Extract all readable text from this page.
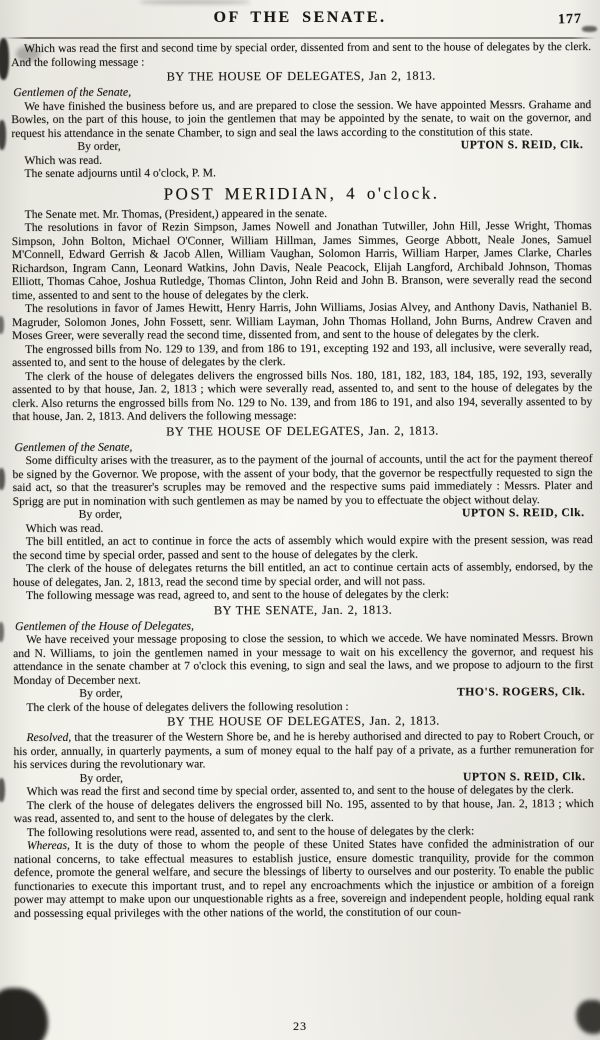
OF THE SENATE.	177
Which was read the first and second time by special order, dissented from and sent to the house of delegates by the clerk. And the following message :
BY THE HOUSE OF DELEGATES, Jan 2, 1813.
Gentlemen of the Senate,
We have finished the business before us, and are prepared to close the session. We have appointed Messrs. Grahame and Bowles, on the part of this house, to join the gentlemen that may be appointed by the senate, to wait on the governor, and request his attendance in the senate Chamber, to sign and seal the laws according to the constitution of this state.
By order,	UPTON S. REID, Clk.
Which was read.
The senate adjourns until 4 o'clock, P. M.
POST MERIDIAN, 4 o'clock.
The Senate met. Mr. Thomas, (President,) appeared in the senate.
The resolutions in favor of Rezin Simpson, James Nowell and Jonathan Tutwiller, John Hill, Jesse Wright, Thomas Simpson, John Bolton, Michael O'Conner, William Hillman, James Simmes, George Abbott, Neale Jones, Samuel M'Connell, Edward Gerrish & Jacob Allen, William Vaughan, Solomon Harris, William Harper, James Clarke, Charles Richardson, Ingram Cann, Leonard Watkins, John Davis, Neale Peacock, Elijah Langford, Archibald Johnson, Thomas Elliott, Thomas Cahoe, Joshua Rutledge, Thomas Clinton, John Reid and John B. Branson, were severally read the second time, assented to and sent to the house of delegates by the clerk.
The resolutions in favor of James Hewitt, Henry Harris, John Williams, Josias Alvey, and Anthony Davis, Nathaniel B. Magruder, Solomon Jones, John Fossett, senr. William Layman, John Thomas Holland, John Burns, Andrew Craven and Moses Greer, were severally read the second time, dissented from, and sent to the house of delegates by the clerk.
The engrossed bills from No. 129 to 139, and from 186 to 191, excepting 192 and 193, all inclusive, were severally read, assented to, and sent to the house of delegates by the clerk.
The clerk of the house of delegates delivers the engrossed bills Nos. 180, 181, 182, 183, 184, 185, 192, 193, severally assented to by that house, Jan. 2, 1813 ; which were severally read, assented to, and sent to the house of delegates by the clerk. Also returns the engrossed bills from No. 129 to No. 139, and from 186 to 191, and also 194, severally assented to by that house, Jan. 2, 1813. And delivers the following message:
BY THE HOUSE OF DELEGATES, Jan. 2, 1813.
Gentlemen of the Senate,
Some difficulty arises with the treasurer, as to the payment of the journal of accounts, until the act for the payment thereof be signed by the Governor. We propose, with the assent of your body, that the governor be respectfully requested to sign the said act, so that the treasurer's scruples may be removed and the respective sums paid immediately : Messrs. Plater and Sprigg are put in nomination with such gentlemen as may be named by you to effectuate the object without delay.
By order,	UPTON S. REID, Clk.
Which was read.
The bill entitled, an act to continue in force the acts of assembly which would expire with the present session, was read the second time by special order, passed and sent to the house of delegates by the clerk.
The clerk of the house of delegates returns the bill entitled, an act to continue certain acts of assembly, endorsed, by the house of delegates, Jan. 2, 1813, read the second time by special order, and will not pass.
The following message was read, agreed to, and sent to the house of delegates by the clerk:
BY THE SENATE, Jan. 2, 1813.
Gentlemen of the House of Delegates,
We have received your message proposing to close the session, to which we accede. We have nominated Messrs. Brown and N. Williams, to join the gentlemen named in your message to wait on his excellency the governor, and request his attendance in the senate chamber at 7 o'clock this evening, to sign and seal the laws, and we propose to adjourn to the first Monday of December next.
By order,	THO'S. ROGERS, Clk.
The clerk of the house of delegates delivers the following resolution :
BY THE HOUSE OF DELEGATES, Jan. 2, 1813.
Resolved, that the treasurer of the Western Shore be, and he is hereby authorised and directed to pay to Robert Crouch, or his order, annually, in quarterly payments, a sum of money equal to the half pay of a private, as a further remuneration for his services during the revolutionary war.
By order,	UPTON S. REID, Clk.
Which was read the first and second time by special order, assented to, and sent to the house of delegates by the clerk.
The clerk of the house of delegates delivers the engrossed bill No. 195, assented to by that house, Jan. 2, 1813 ; which was read, assented to, and sent to the house of delegates by the clerk.
The following resolutions were read, assented to, and sent to the house of delegates by the clerk:
Whereas, It is the duty of those to whom the people of these United States have confided the administration of our national concerns, to take effectual measures to establish justice, ensure domestic tranquility, provide for the common defence, promote the general welfare, and secure the blessings of liberty to ourselves and our posterity. To enable the public functionaries to execute this important trust, and to repel any encroachments which the injustice or ambition of a foreign power may attempt to make upon our unquestionable rights as a free, sovereign and independent people, holding equal rank and possessing equal privileges with the other nations of the world, the constitution of our coun-
23
